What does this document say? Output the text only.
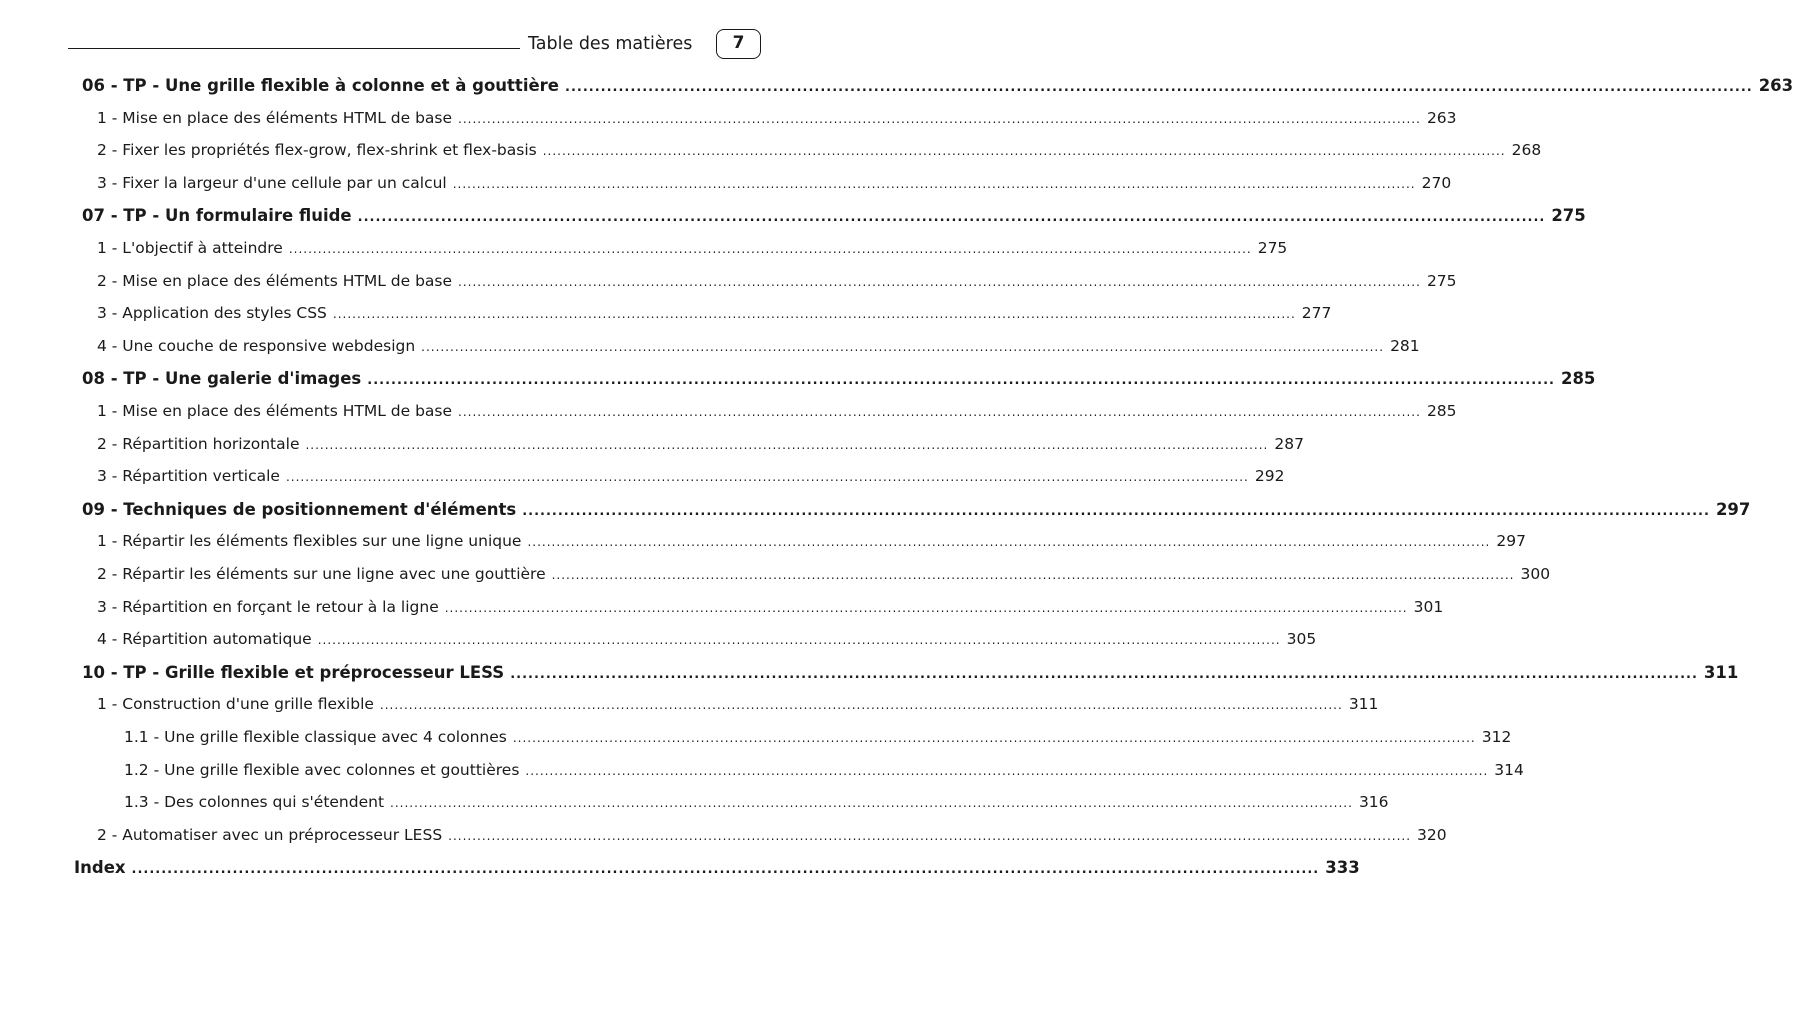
Table des matières	7
06 - TP - Une grille flexible à colonne et à gouttière ........................................................................................................................................................................................................ 263
1 - Mise en place des éléments HTML de base ........................................................................................................................................................................................................ 263
2 - Fixer les propriétés flex-grow, flex-shrink et flex-basis ........................................................................................................................................................................................................ 268
3 - Fixer la largeur d'une cellule par un calcul ........................................................................................................................................................................................................ 270
07 - TP - Un formulaire fluide ........................................................................................................................................................................................................ 275
1 - L'objectif à atteindre ........................................................................................................................................................................................................ 275
2 - Mise en place des éléments HTML de base ........................................................................................................................................................................................................ 275
3 - Application des styles CSS ........................................................................................................................................................................................................ 277
4 - Une couche de responsive webdesign ........................................................................................................................................................................................................ 281
08 - TP - Une galerie d'images ........................................................................................................................................................................................................ 285
1 - Mise en place des éléments HTML de base ........................................................................................................................................................................................................ 285
2 - Répartition horizontale ........................................................................................................................................................................................................ 287
3 - Répartition verticale ........................................................................................................................................................................................................ 292
09 - Techniques de positionnement d'éléments ........................................................................................................................................................................................................ 297
1 - Répartir les éléments flexibles sur une ligne unique ........................................................................................................................................................................................................ 297
2 - Répartir les éléments sur une ligne avec une gouttière ........................................................................................................................................................................................................ 300
3 - Répartition en forçant le retour à la ligne ........................................................................................................................................................................................................ 301
4 - Répartition automatique ........................................................................................................................................................................................................ 305
10 - TP - Grille flexible et préprocesseur LESS ........................................................................................................................................................................................................ 311
1 - Construction d'une grille flexible ........................................................................................................................................................................................................ 311
1.1 - Une grille flexible classique avec 4 colonnes ........................................................................................................................................................................................................ 312
1.2 - Une grille flexible avec colonnes et gouttières ........................................................................................................................................................................................................ 314
1.3 - Des colonnes qui s'étendent ........................................................................................................................................................................................................ 316
2 - Automatiser avec un préprocesseur LESS ........................................................................................................................................................................................................ 320
Index ........................................................................................................................................................................................................ 333
